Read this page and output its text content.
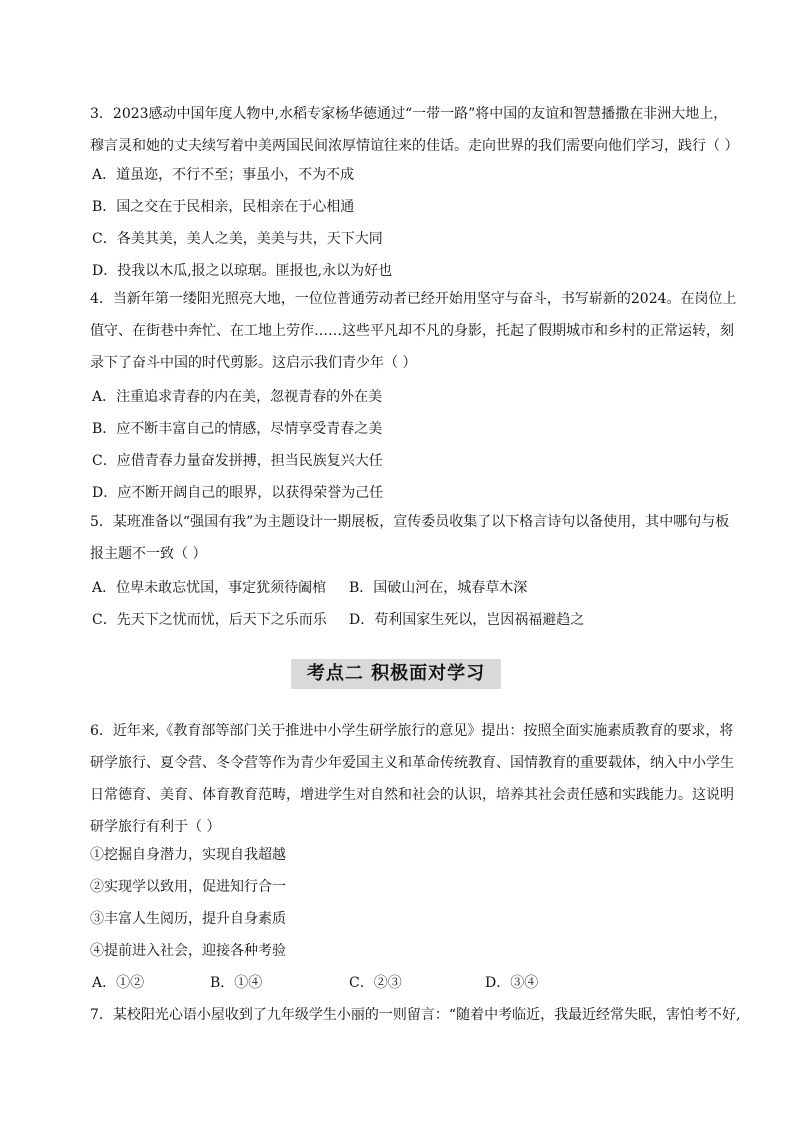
3．2023感动中国年度人物中,水稻专家杨华德通过“一带一路”将中国的友谊和智慧播撒在非洲大地上，穆言灵和她的丈夫续写着中美两国民间浓厚情谊往来的佳话。走向世界的我们需要向他们学习，践行（ ）

A．道虽迩，不行不至；事虽小，不为不成
B．国之交在于民相亲，民相亲在于心相通
C．各美其美，美人之美，美美与共，天下大同
D．投我以木瓜,报之以琼琚。匪报也,永以为好也

4．当新年第一缕阳光照亮大地，一位位普通劳动者已经开始用坚守与奋斗，书写崭新的2024。在岗位上值守、在街巷中奔忙、在工地上劳作……这些平凡却不凡的身影，托起了假期城市和乡村的正常运转，刻录下了奋斗中国的时代剪影。这启示我们青少年（ ）

A．注重追求青春的内在美，忽视青春的外在美
B．应不断丰富自己的情感，尽情享受青春之美
C．应借青春力量奋发拼搏，担当民族复兴大任
D．应不断开阔自己的眼界，以获得荣誉为己任

5．某班准备以“强国有我”为主题设计一期展板，宣传委员收集了以下格言诗句以备使用，其中哪句与板报主题不一致（ ）

A．位卑未敢忘忧国，事定犹须待阖棺 B．国破山河在，城春草木深
C．先天下之忧而忧，后天下之乐而乐 D．苟利国家生死以，岂因祸福避趋之
考点二 积极面对学习

6．近年来,《教育部等部门关于推进中小学生研学旅行的意见》提出：按照全面实施素质教育的要求，将研学旅行、夏令营、冬令营等作为青少年爱国主义和革命传统教育、国情教育的重要载体，纳入中小学生日常德育、美育、体育教育范畴，增进学生对自然和社会的认识，培养其社会责任感和实践能力。这说明研学旅行有利于（ ）

①挖掘自身潜力，实现自我超越
②实现学以致用，促进知行合一
③丰富人生阅历，提升自身素质
④提前进入社会，迎接各种考验
A．①②	B．①④	C．②③	D．③④
7．某校阳光心语小屋收到了九年级学生小丽的一则留言：“随着中考临近，我最近经常失眠，害怕考不好,
